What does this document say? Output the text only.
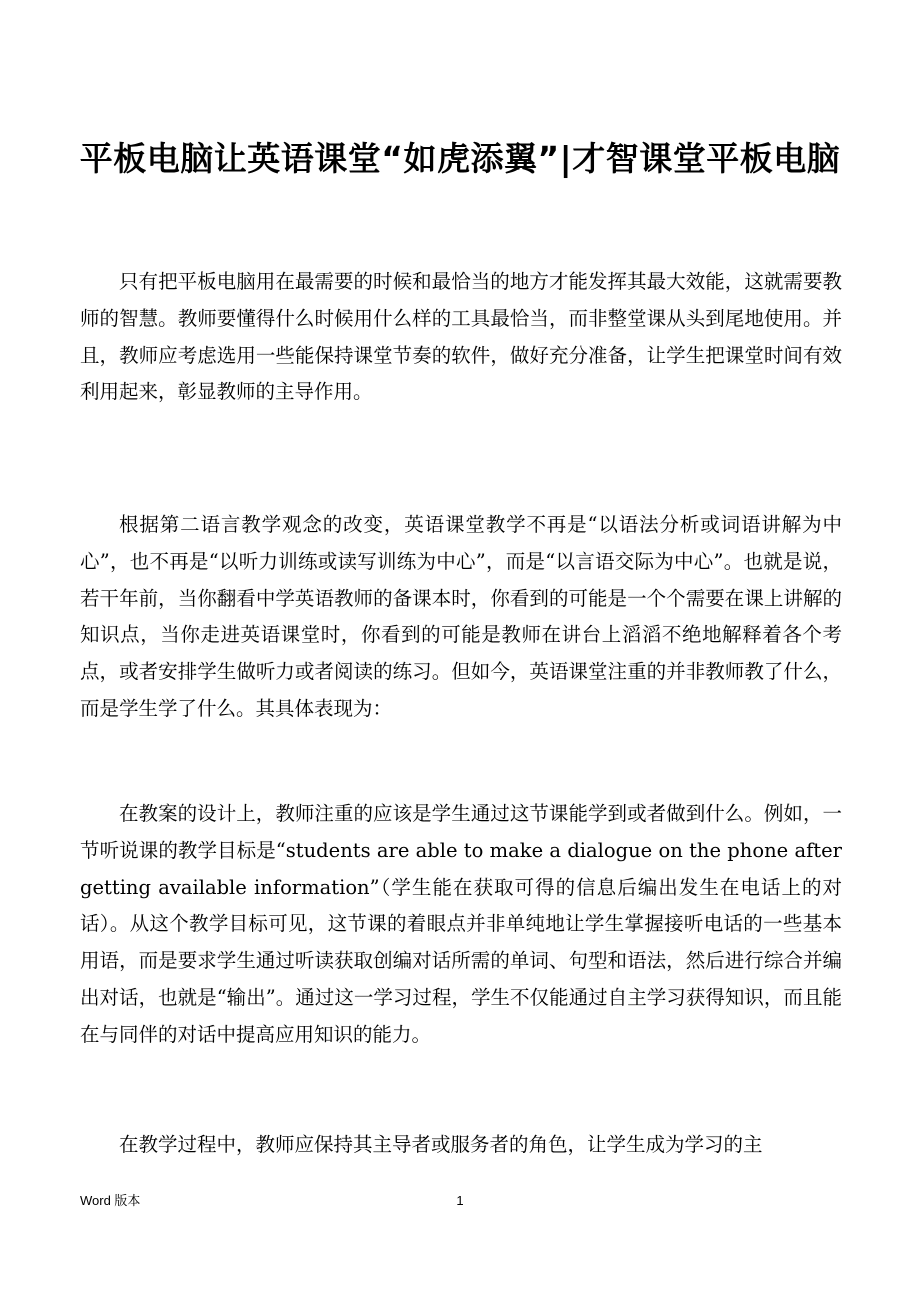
平板电脑让英语课堂“如虎添翼”|才智课堂平板电脑

只有把平板电脑用在最需要的时候和最恰当的地方才能发挥其最大效能，这就需要教师的智慧。教师要懂得什么时候用什么样的工具最恰当，而非整堂课从头到尾地使用。并且，教师应考虑选用一些能保持课堂节奏的软件，做好充分准备，让学生把课堂时间有效利用起来，彰显教师的主导作用。

根据第二语言教学观念的改变，英语课堂教学不再是“以语法分析或词语讲解为中心”，也不再是“以听力训练或读写训练为中心”，而是“以言语交际为中心”。也就是说，若干年前，当你翻看中学英语教师的备课本时，你看到的可能是一个个需要在课上讲解的知识点，当你走进英语课堂时，你看到的可能是教师在讲台上滔滔不绝地解释着各个考点，或者安排学生做听力或者阅读的练习。但如今，英语课堂注重的并非教师教了什么，而是学生学了什么。其具体表现为：

在教案的设计上，教师注重的应该是学生通过这节课能学到或者做到什么。例如，一节听说课的教学目标是“students are able to make a dialogue on the phone after getting available information”（学生能在获取可得的信息后编出发生在电话上的对话）。从这个教学目标可见，这节课的着眼点并非单纯地让学生掌握接听电话的一些基本用语，而是要求学生通过听读获取创编对话所需的单词、句型和语法，然后进行综合并编出对话，也就是“输出”。通过这一学习过程，学生不仅能通过自主学习获得知识，而且能在与同伴的对话中提高应用知识的能力。

在教学过程中，教师应保持其主导者或服务者的角色，让学生成为学习的主

Word 版本	1
